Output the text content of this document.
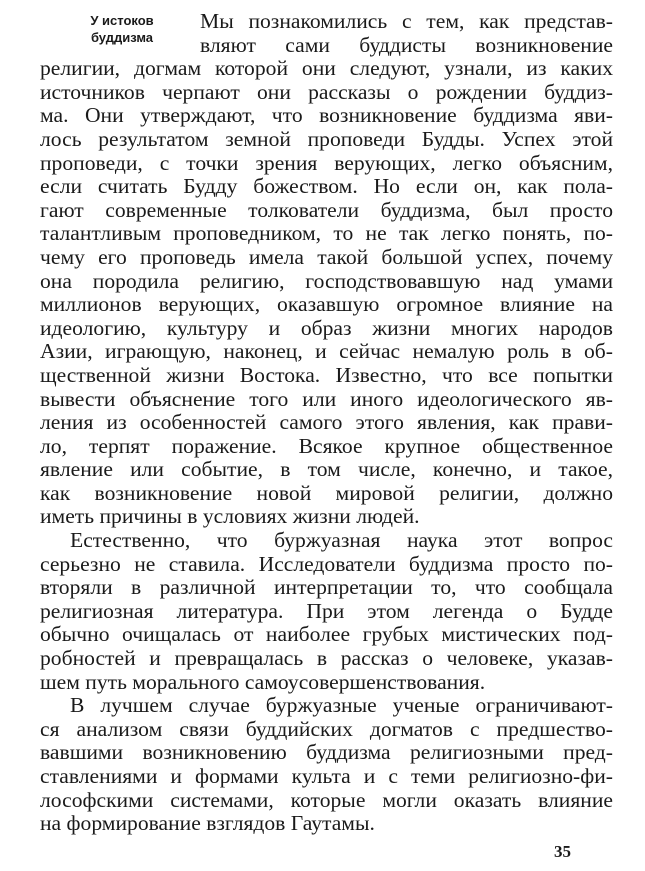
У истоков
буддизма
Мы познакомились с тем, как представ-
вляют сами буддисты возникновение
религии, догмам которой они следуют, узнали, из каких
источников черпают они рассказы о рождении буддиз-
ма. Они утверждают, что возникновение буддизма яви-
лось результатом земной проповеди Будды. Успех этой
проповеди, с точки зрения верующих, легко объясним,
если считать Будду божеством. Но если он, как пола-
гают современные толкователи буддизма, был просто
талантливым проповедником, то не так легко понять, по-
чему его проповедь имела такой большой успех, почему
она породила религию, господствовавшую над умами
миллионов верующих, оказавшую огромное влияние на
идеологию, культуру и образ жизни многих народов
Азии, играющую, наконец, и сейчас немалую роль в об-
щественной жизни Востока. Известно, что все попытки
вывести объяснение того или иного идеологического яв-
ления из особенностей самого этого явления, как прави-
ло, терпят поражение. Всякое крупное общественное
явление или событие, в том числе, конечно, и такое,
как возникновение новой мировой религии, должно
иметь причины в условиях жизни людей.
Естественно, что буржуазная наука этот вопрос
серьезно не ставила. Исследователи буддизма просто по-
вторяли в различной интерпретации то, что сообщала
религиозная литература. При этом легенда о Будде
обычно очищалась от наиболее грубых мистических под-
робностей и превращалась в рассказ о человеке, указав-
шем путь морального самоусовершенствования.
В лучшем случае буржуазные ученые ограничивают-
ся анализом связи буддийских догматов с предшество-
вавшими возникновению буддизма религиозными пред-
ставлениями и формами культа и с теми религиозно-фи-
лософскими системами, которые могли оказать влияние
на формирование взглядов Гаутамы.
35
